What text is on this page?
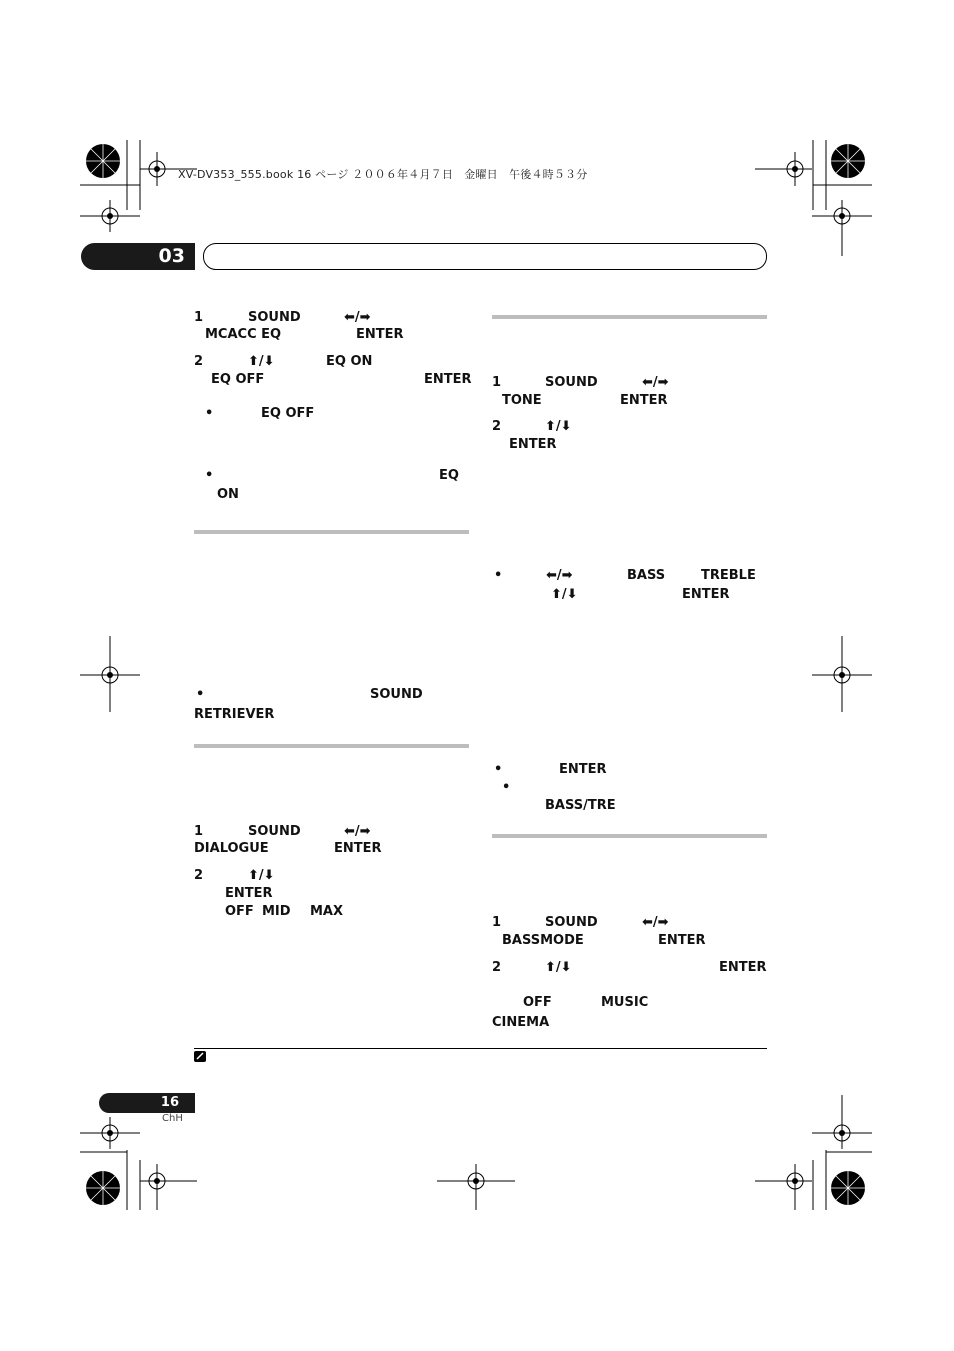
XV-DV353_555.book 16 ページ ２００６年４月７日　金曜日　午後４時５３分
03
1	SOUND	⬅/➡
MCACC EQ	ENTER
2	⬆/⬇	EQ ON
EQ OFF	ENTER
•	EQ OFF
•	EQ
ON
•	SOUND
RETRIEVER
1	SOUND	⬅/➡
DIALOGUE	ENTER
2	⬆/⬇
ENTER
OFF MID MAX
1	SOUND	⬅/➡
TONE	ENTER
2	⬆/⬇
ENTER
•	⬅/➡	BASS	TREBLE
⬆/⬇	ENTER
•	ENTER
•
BASS/TRE
1	SOUND	⬅/➡
BASSMODE	ENTER
2	⬆/⬇	ENTER
OFF	MUSIC
CINEMA
16
ChH
